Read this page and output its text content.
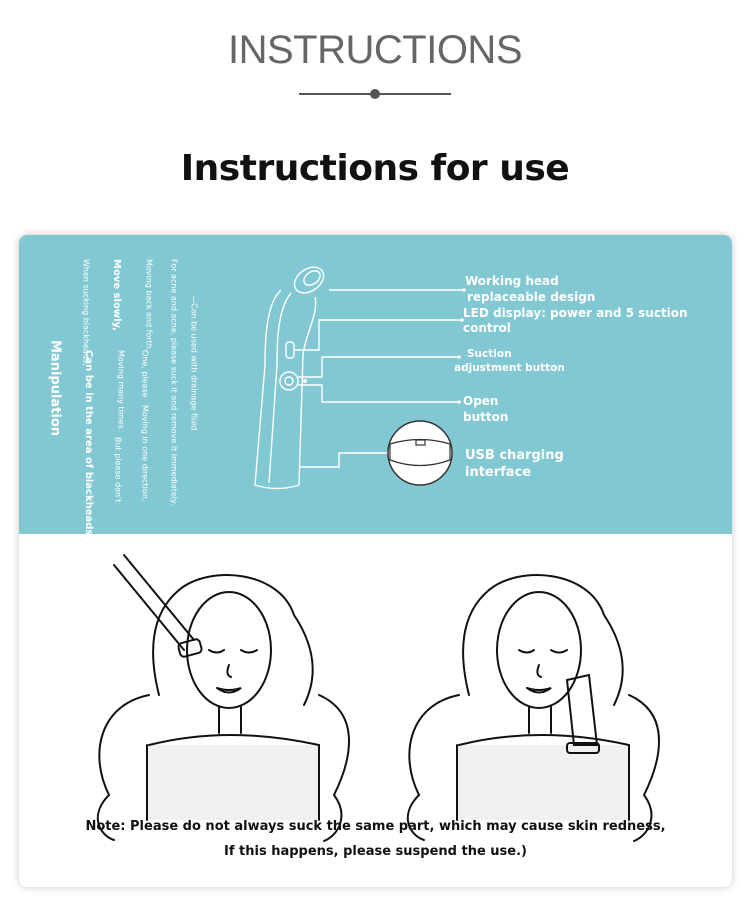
INSTRUCTIONS
Instructions for use
When sucking blackheads, Move slowly,
Manipulation Can be in the area of blackheads
Moving back and forth,
Moving many times.
But please don't	For acne and acne, please suck it and remove it immediately,
One, please
Moving in one direction,
—Can be used with drainage fluid
Working head
replaceable design
LED display: power and 5 suction
control
Suction
adjustment button
Open
button
USB charging
interface
Note: Please do not always suck the same part, which may cause skin redness,
If this happens, please suspend the use.)
